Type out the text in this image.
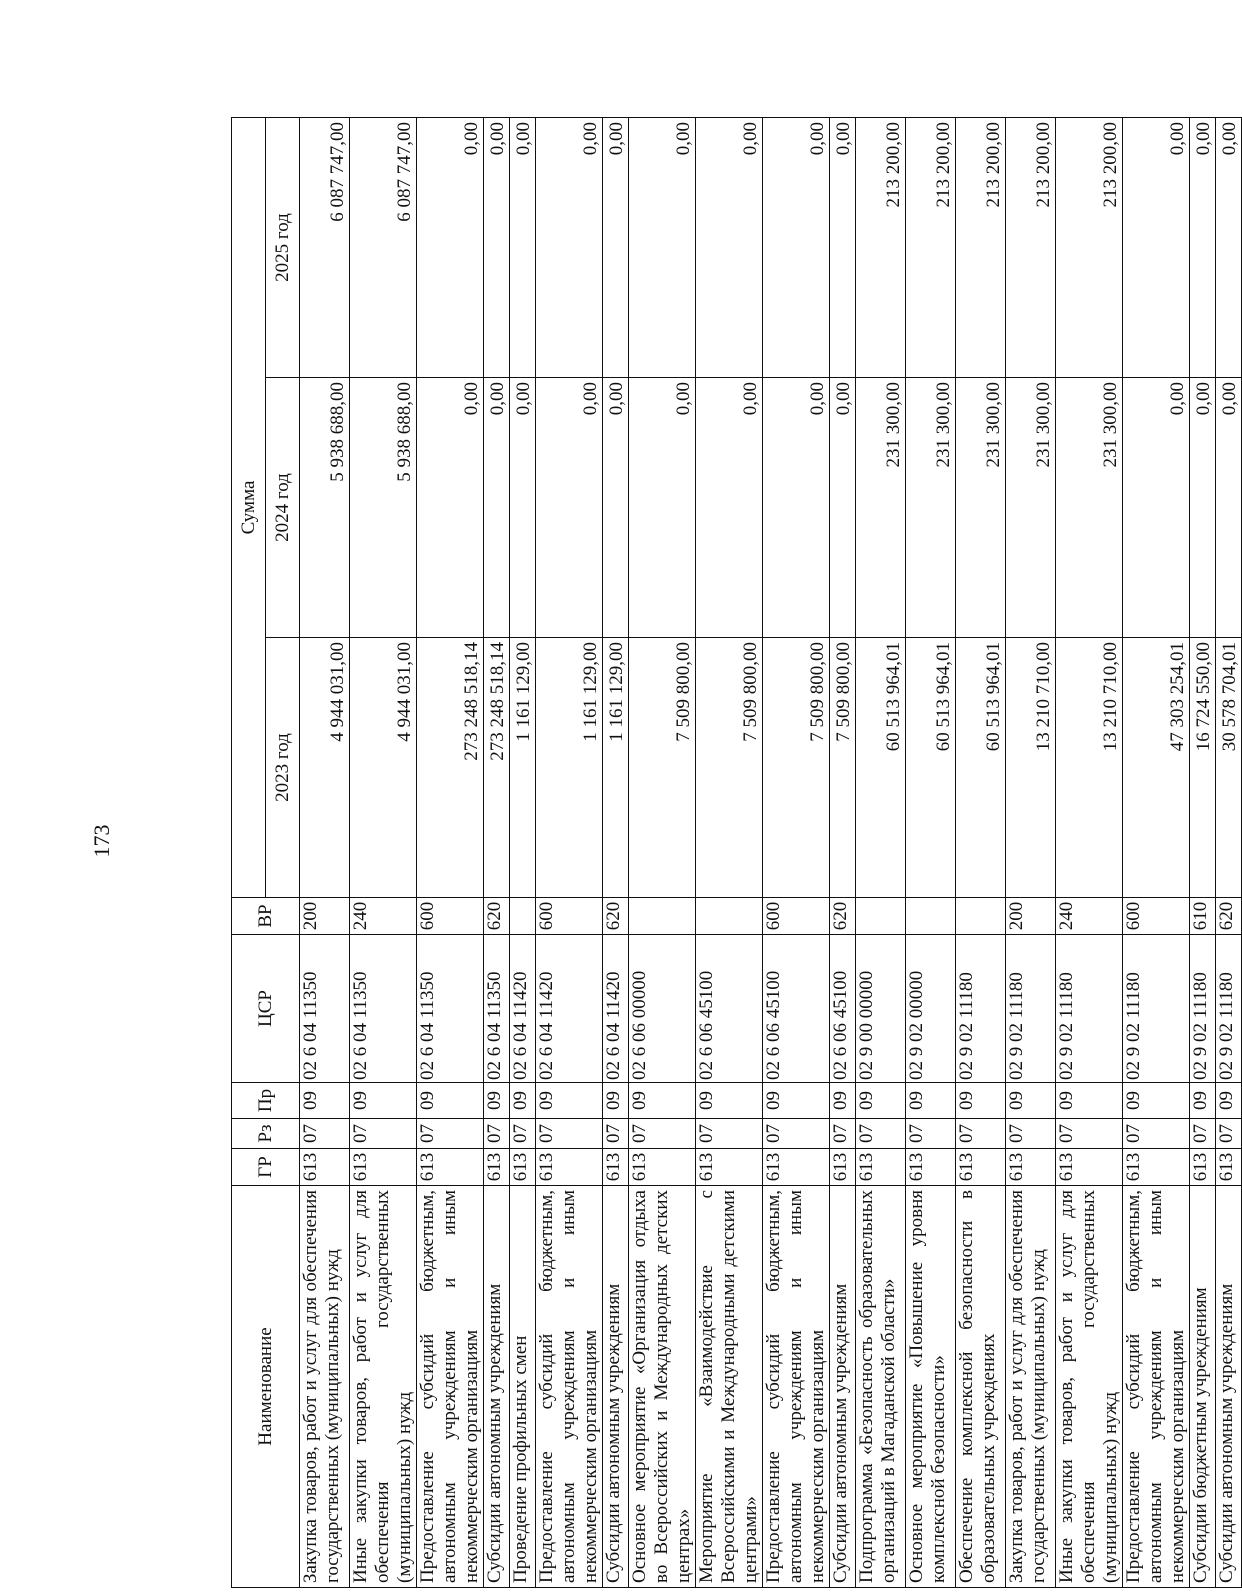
173
Наименование	ГР	Рз	Пр	ЦСР	ВР	Сумма		
						2023 год	2024 год	2025 год
Закупка товаров, работ и услуг для обеспечения государственных (муниципальных) нужд	613	07	09	02 6 04 11350	200	4 944 031,00	5 938 688,00	6 087 747,00
Иные закупки товаров, работ и услуг для обеспечения государственных (муниципальных) нужд	613	07	09	02 6 04 11350	240	4 944 031,00	5 938 688,00	6 087 747,00
Предоставление субсидий бюджетным, автономным учреждениям и иным некоммерческим организациям	613	07	09	02 6 04 11350	600	273 248 518,14	0,00	0,00
Субсидии автономным учреждениям	613	07	09	02 6 04 11350	620	273 248 518,14	0,00	0,00
Проведение профильных смен	613	07	09	02 6 04 11420		1 161 129,00	0,00	0,00
Предоставление субсидий бюджетным, автономным учреждениям и иным некоммерческим организациям	613	07	09	02 6 04 11420	600	1 161 129,00	0,00	0,00
Субсидии автономным учреждениям	613	07	09	02 6 04 11420	620	1 161 129,00	0,00	0,00
Основное мероприятие «Организация отдыха во Всероссийских и Международных детских центрах»	613	07	09	02 6 06 00000		7 509 800,00	0,00	0,00
Мероприятие «Взаимодействие с Всероссийскими и Международными детскими центрами»	613	07	09	02 6 06 45100		7 509 800,00	0,00	0,00
Предоставление субсидий бюджетным, автономным учреждениям и иным некоммерческим организациям	613	07	09	02 6 06 45100	600	7 509 800,00	0,00	0,00
Субсидии автономным учреждениям	613	07	09	02 6 06 45100	620	7 509 800,00	0,00	0,00
Подпрограмма «Безопасность образовательных организаций в Магаданской области»	613	07	09	02 9 00 00000		60 513 964,01	231 300,00	213 200,00
Основное мероприятие «Повышение уровня комплексной безопасности»	613	07	09	02 9 02 00000		60 513 964,01	231 300,00	213 200,00
Обеспечение комплексной безопасности в образовательных учреждениях	613	07	09	02 9 02 11180		60 513 964,01	231 300,00	213 200,00
Закупка товаров, работ и услуг для обеспечения государственных (муниципальных) нужд	613	07	09	02 9 02 11180	200	13 210 710,00	231 300,00	213 200,00
Иные закупки товаров, работ и услуг для обеспечения государственных (муниципальных) нужд	613	07	09	02 9 02 11180	240	13 210 710,00	231 300,00	213 200,00
Предоставление субсидий бюджетным, автономным учреждениям и иным некоммерческим организациям	613	07	09	02 9 02 11180	600	47 303 254,01	0,00	0,00
Субсидии бюджетным учреждениям	613	07	09	02 9 02 11180	610	16 724 550,00	0,00	0,00
Субсидии автономным учреждениям	613	07	09	02 9 02 11180	620	30 578 704,01	0,00	0,00
